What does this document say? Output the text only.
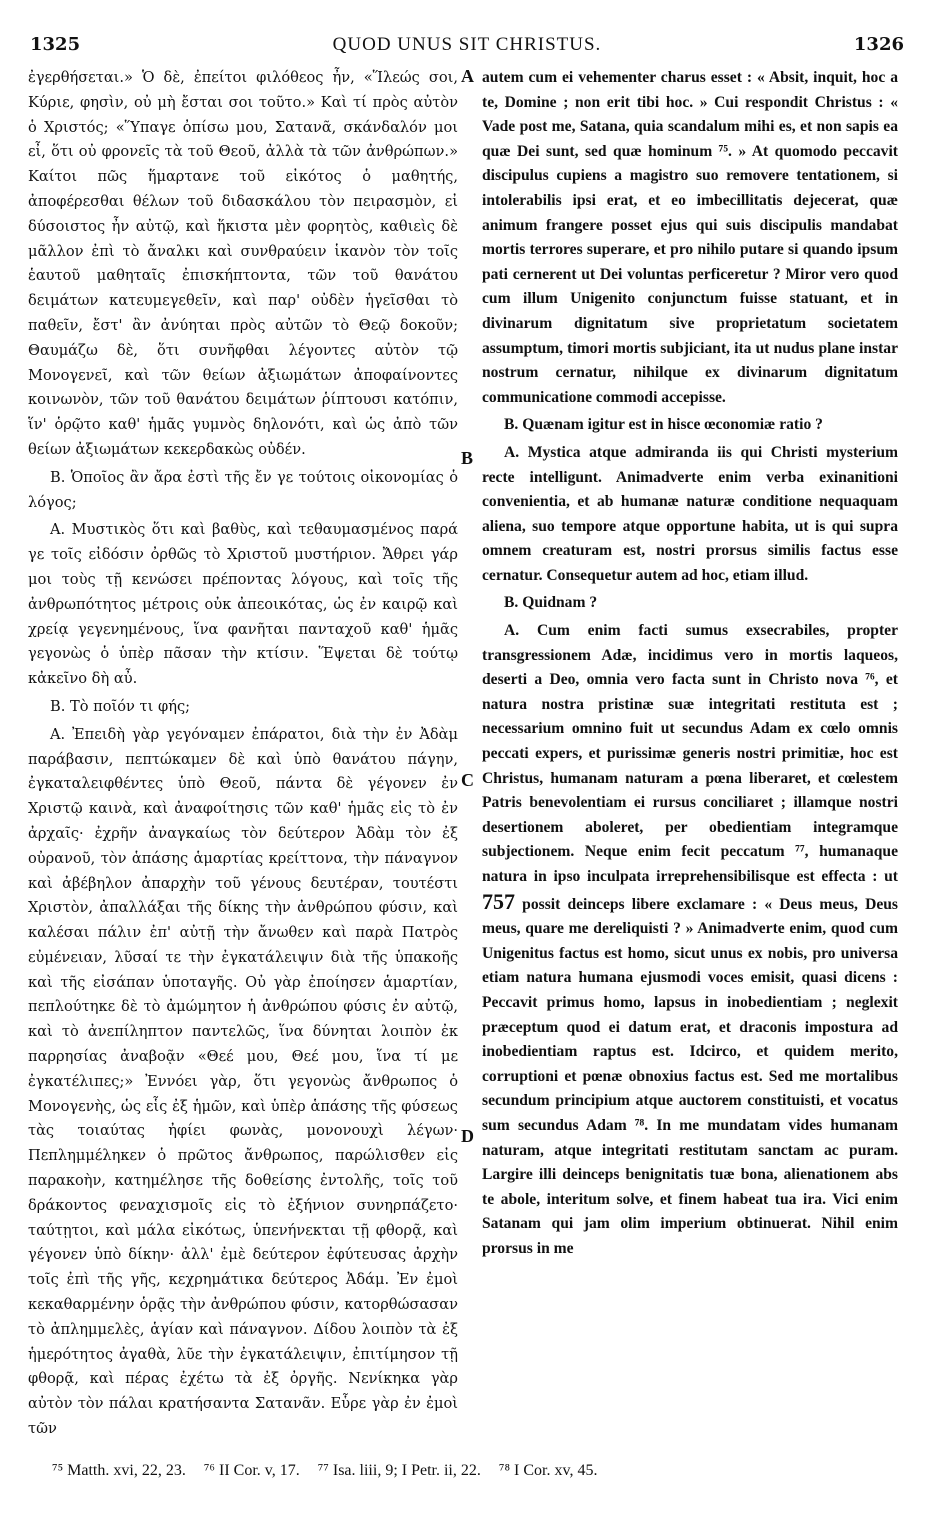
1325	QUOD UNUS SIT CHRISTUS.	1326

ἐγερθήσεται.» Ὁ δὲ, ἐπείτοι φιλόθεος ἦν, «Ἵλεώς σοι, Κύριε, φησὶν, οὐ μὴ ἔσται σοι τοῦτο.» Καὶ τί πρὸς αὐτὸν ὁ Χριστός; «Ὕπαγε ὀπίσω μου, Σατανᾶ, σκάνδαλόν μοι εἶ, ὅτι οὐ φρονεῖς τὰ τοῦ Θεοῦ, ἀλλὰ τὰ τῶν ἀνθρώπων.» Καίτοι πῶς ἥμαρτανε τοῦ εἰκότος ὁ μαθητής, ἀποφέρεσθαι θέλων τοῦ διδασκάλου τὸν πειρασμὸν, εἰ δύσοιστος ἦν αὐτῷ, καὶ ἥκιστα μὲν φορητὸς, καθιεὶς δὲ μᾶλλον ἐπὶ τὸ ἄναλκι καὶ συνθραύειν ἱκανὸν τὸν τοῖς ἑαυτοῦ μαθηταῖς ἐπισκήπτοντα, τῶν τοῦ θανάτου δειμάτων κατευμεγεθεῖν, καὶ παρ' οὐδὲν ἡγεῖσθαι τὸ παθεῖν, ἔστ' ἂν ἀνύηται πρὸς αὐτῶν τὸ Θεῷ δοκοῦν; Θαυμάζω δὲ, ὅτι συνῆφθαι λέγοντες αὐτὸν τῷ Μονογενεῖ, καὶ τῶν θείων ἀξιωμάτων ἀποφαίνοντες κοινωνὸν, τῶν τοῦ θανάτου δειμάτων ῥίπτουσι κατόπιν, ἵν' ὁρῷτο καθ' ἡμᾶς γυμνὸς δηλονότι, καὶ ὡς ἀπὸ τῶν θείων ἀξιωμάτων κεκερδακὼς οὐδέν.

Β. Ὁποῖος ἂν ἄρα ἐστὶ τῆς ἔν γε τούτοις οἰκονομίας ὁ λόγος;

Α. Μυστικὸς ὅτι καὶ βαθὺς, καὶ τεθαυμασμένος παρά γε τοῖς εἰδόσιν ὀρθῶς τὸ Χριστοῦ μυστήριον. Ἄθρει γάρ μοι τοὺς τῇ κενώσει πρέποντας λόγους, καὶ τοῖς τῆς ἀνθρωπότητος μέτροις οὐκ ἀπεοικότας, ὡς ἐν καιρῷ καὶ χρείᾳ γεγενημένους, ἵνα φανῆται πανταχοῦ καθ' ἡμᾶς γεγονὼς ὁ ὑπὲρ πᾶσαν τὴν κτίσιν. Ἕψεται δὲ τούτῳ κἀκεῖνο δὴ αὖ.

Β. Τὸ ποῖόν τι φής;

Α. Ἐπειδὴ γὰρ γεγόναμεν ἐπάρατοι, διὰ τὴν ἐν Ἀδὰμ παράβασιν, πεπτώκαμεν δὲ καὶ ὑπὸ θανάτου πάγην, ἐγκαταλειφθέντες ὑπὸ Θεοῦ, πάντα δὲ γέγονεν ἐν Χριστῷ καινὰ, καὶ ἀναφοίτησις τῶν καθ' ἡμᾶς εἰς τὸ ἐν ἀρχαῖς· ἐχρῆν ἀναγκαίως τὸν δεύτερον Ἀδὰμ τὸν ἐξ οὐρανοῦ, τὸν ἁπάσης ἁμαρτίας κρείττονα, τὴν πάναγνον καὶ ἀβέβηλον ἀπαρχὴν τοῦ γένους δευτέραν, τουτέστι Χριστὸν, ἀπαλλάξαι τῆς δίκης τὴν ἀνθρώπου φύσιν, καὶ καλέσαι πάλιν ἐπ' αὐτῇ τὴν ἄνωθεν καὶ παρὰ Πατρὸς εὐμένειαν, λῦσαί τε τὴν ἐγκατάλειψιν διὰ τῆς ὑπακοῆς καὶ τῆς εἰσάπαν ὑποταγῆς. Οὐ γὰρ ἐποίησεν ἁμαρτίαν, πεπλούτηκε δὲ τὸ ἀμώμητον ἡ ἀνθρώπου φύσις ἐν αὐτῷ, καὶ τὸ ἀνεπίληπτον παντελῶς, ἵνα δύνηται λοιπὸν ἐκ παρρησίας ἀναβοᾷν «Θεέ μου, Θεέ μου, ἵνα τί με ἐγκατέλιπες;» Ἐννόει γὰρ, ὅτι γεγονὼς ἄνθρωπος ὁ Μονογενὴς, ὡς εἷς ἐξ ἡμῶν, καὶ ὑπὲρ ἁπάσης τῆς φύσεως τὰς τοιαύτας ἠφίει φωνὰς, μονονουχὶ λέγων· Πεπλημμέληκεν ὁ πρῶτος ἄνθρωπος, παρώλισθεν εἰς παρακοὴν, κατημέλησε τῆς δοθείσης ἐντολῆς, τοῖς τοῦ δράκοντος φεναχισμοῖς εἰς τὸ ἐξήνιον συνηρπάζετο· ταύτῃτοι, καὶ μάλα εἰκότως, ὑπενήνεκται τῇ φθορᾷ, καὶ γέγονεν ὑπὸ δίκην· ἀλλ' ἐμὲ δεύτερον ἐφύτευσας ἀρχὴν τοῖς ἐπὶ τῆς γῆς, κεχρημάτικα δεύτερος Ἀδάμ. Ἐν ἐμοὶ κεκαθαρμένην ὁρᾷς τὴν ἀνθρώπου φύσιν, κατορθώσασαν τὸ ἀπλημμελὲς, ἁγίαν καὶ πάναγνον. Δίδου λοιπὸν τὰ ἐξ ἡμερότητος ἀγαθὰ, λῦε τὴν ἐγκατάλειψιν, ἐπιτίμησον τῇ φθορᾷ, καὶ πέρας ἐχέτω τὰ ἐξ ὀργῆς. Νενίκηκα γὰρ αὐτὸν τὸν πάλαι κρατήσαντα Σατανᾶν. Εὗρε γὰρ ἐν ἐμοὶ τῶν

A
B
C
D

autem cum ei vehementer charus esset : « Absit, inquit, hoc a te, Domine ; non erit tibi hoc. » Cui respondit Christus : « Vade post me, Satana, quia scandalum mihi es, et non sapis ea quæ Dei sunt, sed quæ hominum ⁷⁵. » At quomodo peccavit discipulus cupiens a magistro suo removere tentationem, si intolerabilis ipsi erat, et eo imbecillitatis dejecerat, quæ animum frangere posset ejus qui suis discipulis mandabat mortis terrores superare, et pro nihilo putare si quando ipsum pati cernerent ut Dei voluntas perficeretur ? Miror vero quod cum illum Unigenito conjunctum fuisse statuant, et in divinarum dignitatum sive proprietatum societatem assumptum, timori mortis subjiciant, ita ut nudus plane instar nostrum cernatur, nihilque ex divinarum dignitatum communicatione commodi accepisse.

B. Quænam igitur est in hisce œconomiæ ratio ?

A. Mystica atque admiranda iis qui Christi mysterium recte intelligunt. Animadverte enim verba exinanitioni convenientia, et ab humanæ naturæ conditione nequaquam aliena, suo tempore atque opportune habita, ut is qui supra omnem creaturam est, nostri prorsus similis factus esse cernatur. Consequetur autem ad hoc, etiam illud.

B. Quidnam ?

A. Cum enim facti sumus exsecrabiles, propter transgressionem Adæ, incidimus vero in mortis laqueos, deserti a Deo, omnia vero facta sunt in Christo nova ⁷⁶, et natura nostra pristinæ suæ integritati restituta est ; necessarium omnino fuit ut secundus Adam ex cœlo omnis peccati expers, et purissimæ generis nostri primitiæ, hoc est Christus, humanam naturam a pœna liberaret, et cœlestem Patris benevolentiam ei rursus conciliaret ; illamque nostri desertionem aboleret, per obedientiam integramque subjectionem. Neque enim fecit peccatum ⁷⁷, humanaque natura in ipso inculpata irreprehensibilisque est effecta : ut 757 possit deinceps libere exclamare : « Deus meus, Deus meus, quare me dereliquisti ? » Animadverte enim, quod cum Unigenitus factus est homo, sicut unus ex nobis, pro universa etiam natura humana ejusmodi voces emisit, quasi dicens : Peccavit primus homo, lapsus in inobedientiam ; neglexit præceptum quod ei datum erat, et draconis impostura ad inobedientiam raptus est. Idcirco, et quidem merito, corruptioni et pœnæ obnoxius factus est. Sed me mortalibus secundum principium atque auctorem constituisti, et vocatus sum secundus Adam ⁷⁸. In me mundatam vides humanam naturam, atque integritati restitutam sanctam ac puram. Largire illi deinceps benignitatis tuæ bona, alienationem abs te abole, interitum solve, et finem habeat tua ira. Vici enim Satanam qui jam olim imperium obtinuerat. Nihil enim prorsus in me

⁷⁵ Matth. xvi, 22, 23. ⁷⁶ II Cor. v, 17. ⁷⁷ Isa. liii, 9; I Petr. ii, 22. ⁷⁸ I Cor. xv, 45.
